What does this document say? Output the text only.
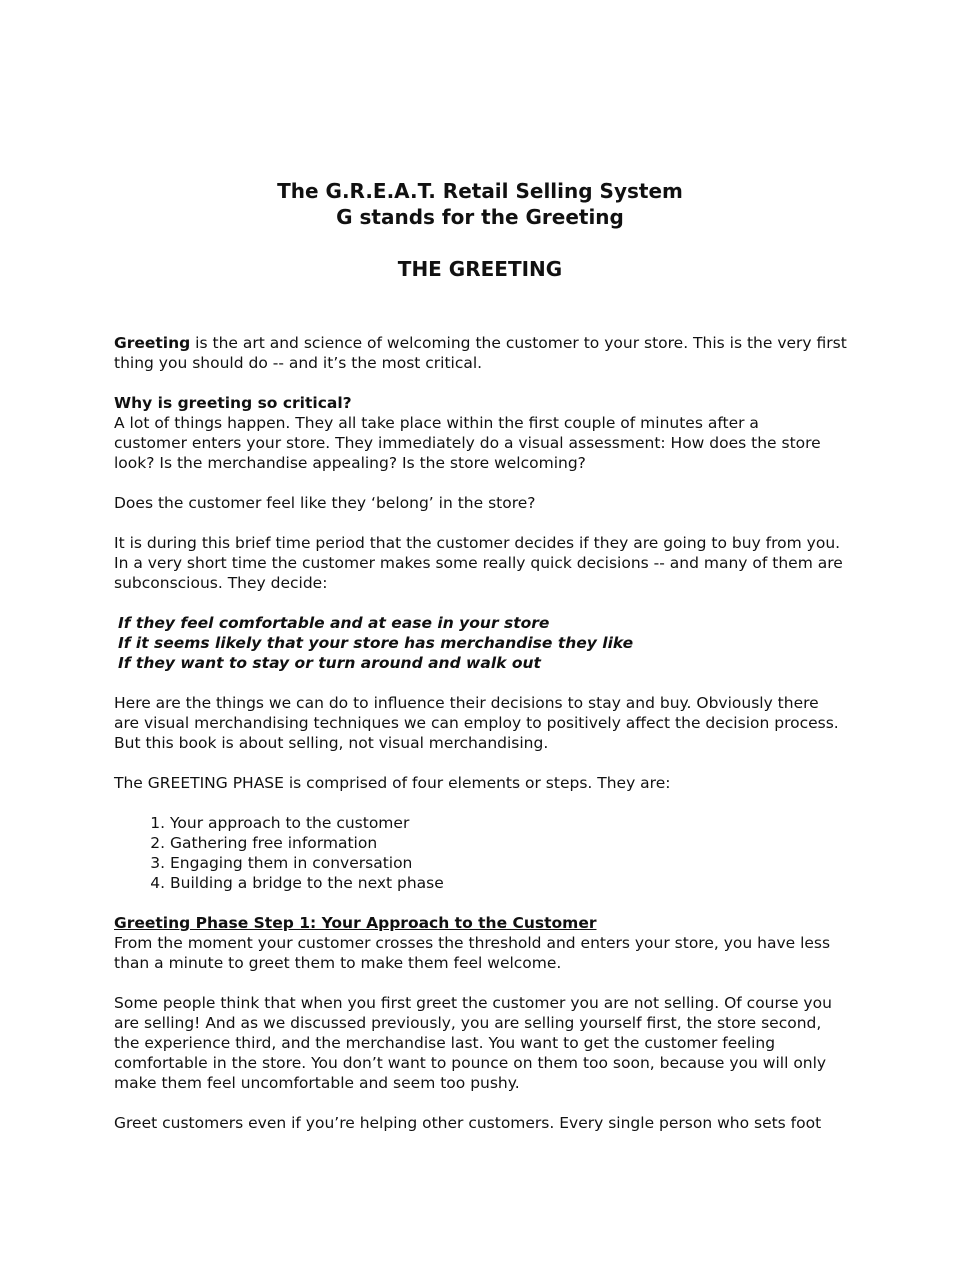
The G.R.E.A.T. Retail Selling System

G stands for the Greeting

THE GREETING

Greeting is the art and science of welcoming the customer to your store. This is the very first

thing you should do -- and it’s the most critical.

Why is greeting so critical?

A lot of things happen. They all take place within the first couple of minutes after a

customer enters your store. They immediately do a visual assessment: How does the store

look? Is the merchandise appealing? Is the store welcoming?

Does the customer feel like they ‘belong’ in the store?

It is during this brief time period that the customer decides if they are going to buy from you.

In a very short time the customer makes some really quick decisions -- and many of them are

subconscious. They decide:

If they feel comfortable and at ease in your store

If it seems likely that your store has merchandise they like

If they want to stay or turn around and walk out

Here are the things we can do to influence their decisions to stay and buy. Obviously there

are visual merchandising techniques we can employ to positively affect the decision process.

But this book is about selling, not visual merchandising.

The GREETING PHASE is comprised of four elements or steps. They are:

1. Your approach to the customer
2. Gathering free information
3. Engaging them in conversation
4. Building a bridge to the next phase

Greeting Phase Step 1: Your Approach to the Customer

From the moment your customer crosses the threshold and enters your store, you have less

than a minute to greet them to make them feel welcome.

Some people think that when you first greet the customer you are not selling. Of course you

are selling! And as we discussed previously, you are selling yourself first, the store second,

the experience third, and the merchandise last. You want to get the customer feeling

comfortable in the store. You don’t want to pounce on them too soon, because you will only

make them feel uncomfortable and seem too pushy.

Greet customers even if you’re helping other customers. Every single person who sets foot
